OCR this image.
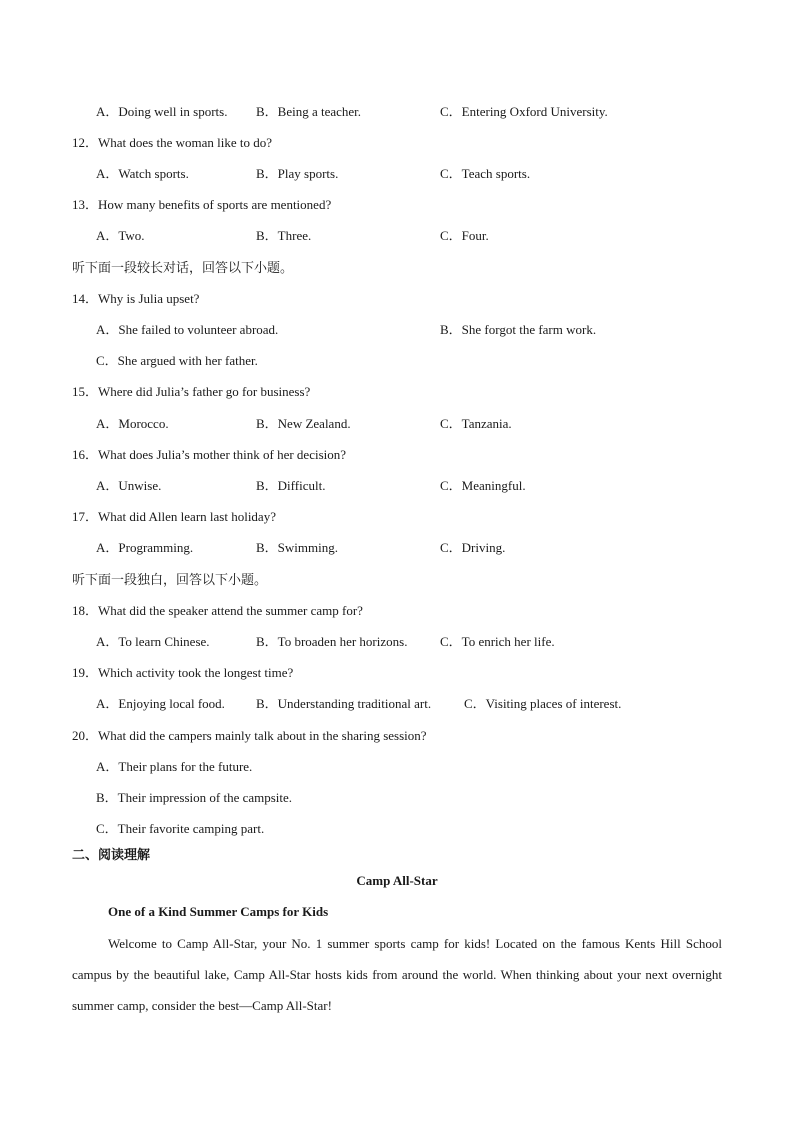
A．Doing well in sports. B．Being a teacher.	C．Entering Oxford University.
12．What does the woman like to do?
A．Watch sports.	B．Play sports.	C．Teach sports.
13．How many benefits of sports are mentioned?
A．Two.	B．Three.	C．Four.
听下面一段较长对话，回答以下小题。
14．Why is Julia upset?
A．She failed to volunteer abroad.	B．She forgot the farm work.
C．She argued with her father.
15．Where did Julia’s father go for business?
A．Morocco.	B．New Zealand.	C．Tanzania.
16．What does Julia’s mother think of her decision?
A．Unwise.	B．Difficult.	C．Meaningful.
17．What did Allen learn last holiday?
A．Programming.	B．Swimming.	C．Driving.
听下面一段独白，回答以下小题。
18．What did the speaker attend the summer camp for?
A．To learn Chinese.	B．To broaden her horizons.	C．To enrich her life.
19．Which activity took the longest time?
A．Enjoying local food. B．Understanding traditional art.	C．Visiting places of interest.
20．What did the campers mainly talk about in the sharing session?
A．Their plans for the future.
B．Their impression of the campsite.
C．Their favorite camping part.
二、阅读理解
Camp All-Star
One of a Kind Summer Camps for Kids

Welcome to Camp All-Star, your No. 1 summer sports camp for kids! Located on the famous Kents Hill School campus by the beautiful lake, Camp All-Star hosts kids from around the world. When thinking about your next overnight summer camp, consider the best—Camp All-Star!
